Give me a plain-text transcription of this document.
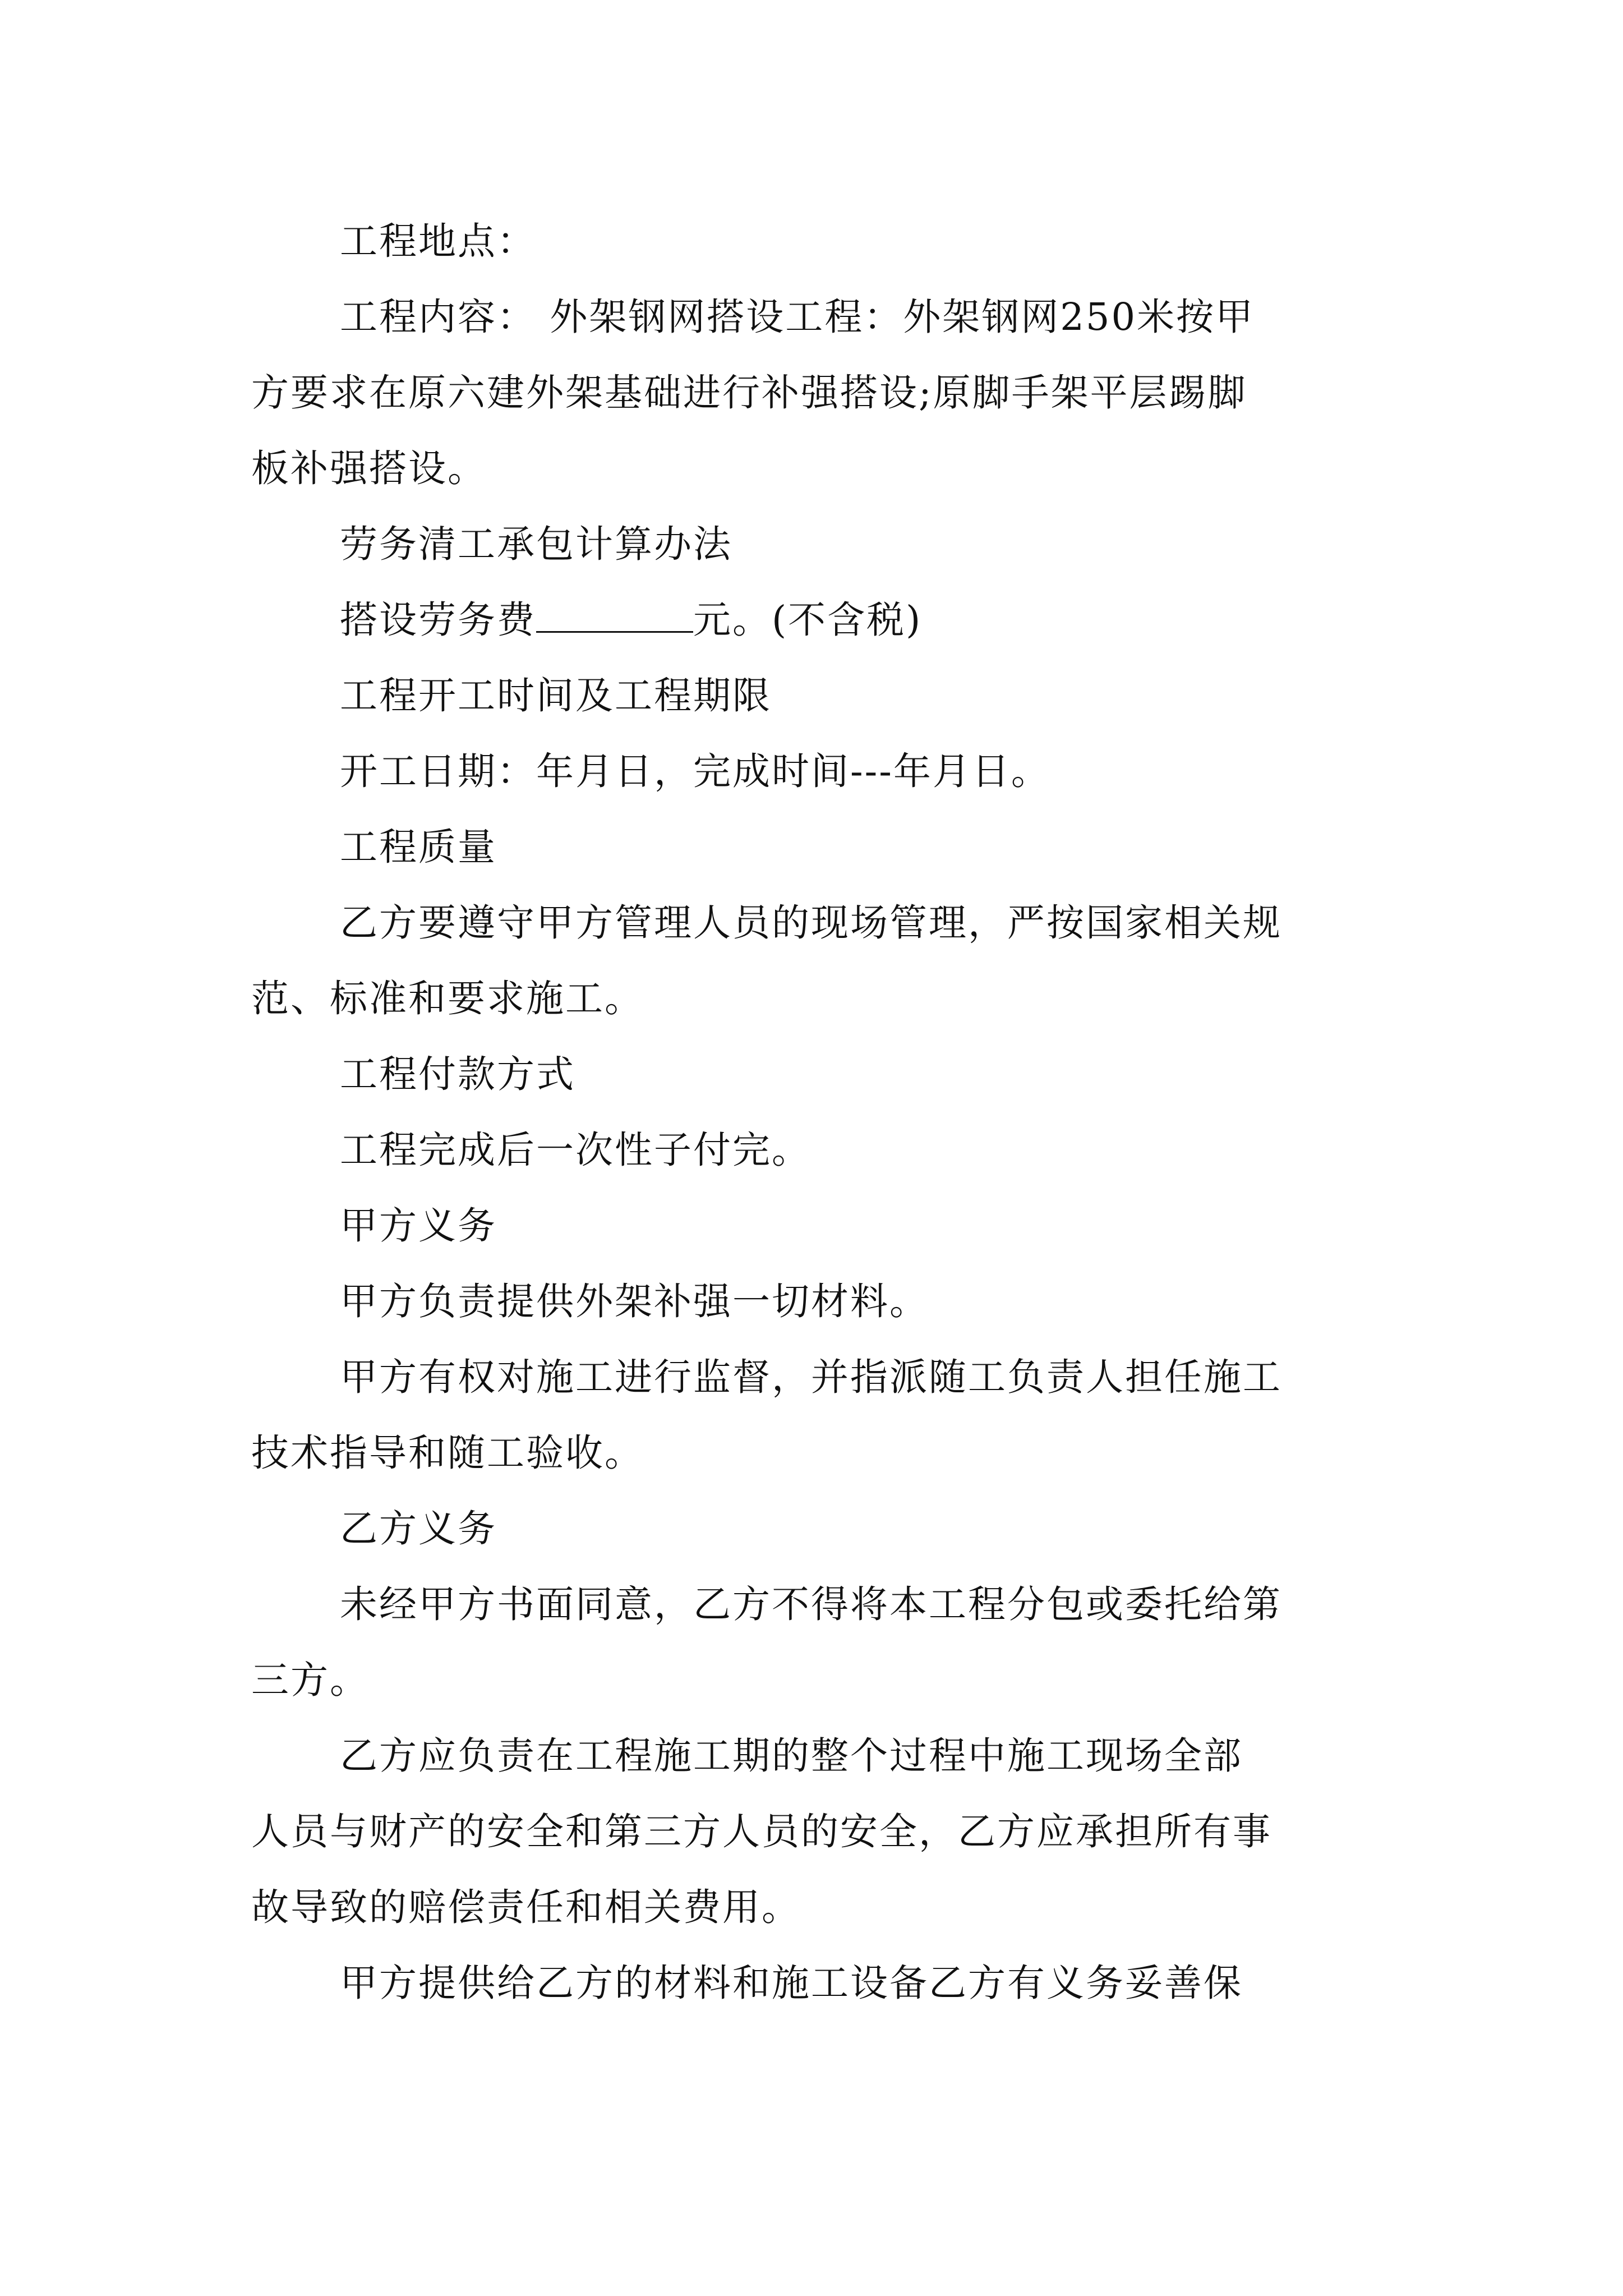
工程地点：
工程内容： 外架钢网搭设工程：外架钢网250米按甲
方要求在原六建外架基础进行补强搭设;原脚手架平层踢脚
板补强搭设。
劳务清工承包计算办法
搭设劳务费	元。(不含税)
工程开工时间及工程期限
开工日期：年月日，完成时间---年月日。
工程质量
乙方要遵守甲方管理人员的现场管理，严按国家相关规
范、标准和要求施工。
工程付款方式
工程完成后一次性子付完。
甲方义务
甲方负责提供外架补强一切材料。
甲方有权对施工进行监督，并指派随工负责人担任施工
技术指导和随工验收。
乙方义务
未经甲方书面同意，乙方不得将本工程分包或委托给第
三方。
乙方应负责在工程施工期的整个过程中施工现场全部
人员与财产的安全和第三方人员的安全，乙方应承担所有事
故导致的赔偿责任和相关费用。
甲方提供给乙方的材料和施工设备乙方有义务妥善保
